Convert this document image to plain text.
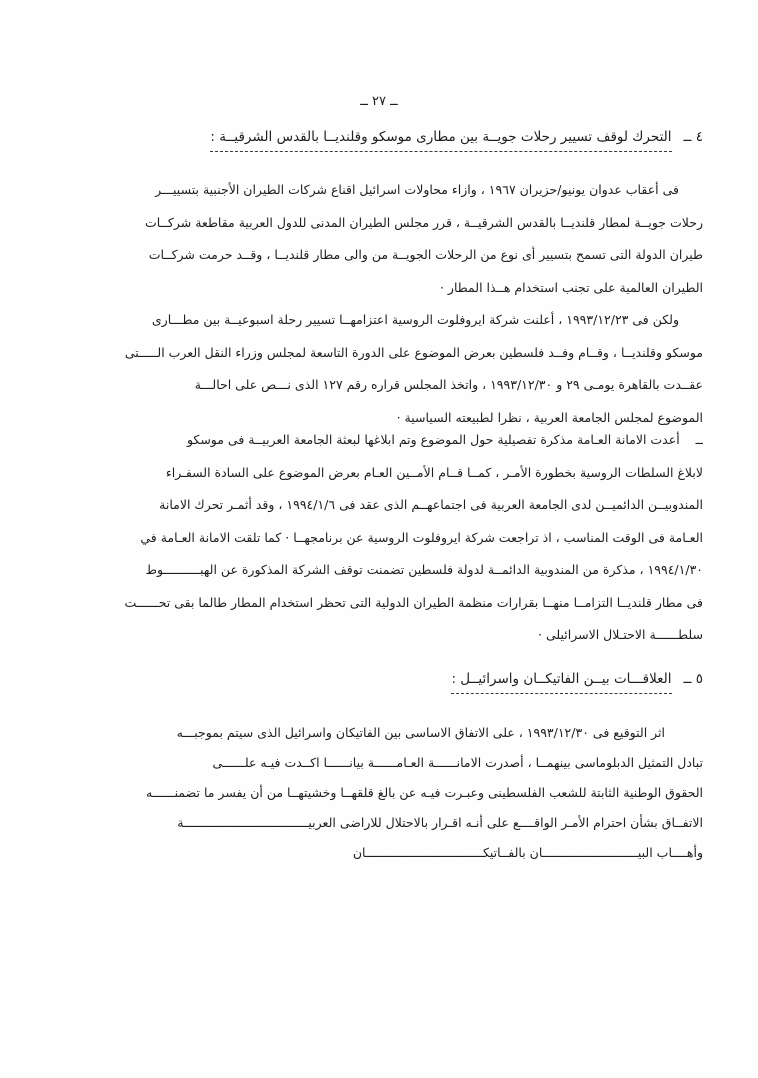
ــ ٢٧ ــ
٤ ــالتحرك لوقف تسيير رحلات جويــة بين مطارى موسكو وقلنديــا بالقدس الشرقيــة :
فى أعقاب عدوان يونيو/حزيران ١٩٦٧ ، وازاء محاولات اسرائيل اقناع شركات الطيران الأجنبية بتسييـــر
رحلات جويــة لمطار قلنديــا بالقدس الشرقيــة ، قرر مجلس الطيران المدنى للدول العربية مقاطعة شركــات
طيران الدولة التى تسمح بتسيير أى نوع من الرحلات الجويــة من والى مطار قلنديــا ، وقــد حرمت شركــات
الطيران العالمية على تجنب استخدام هــذا المطار ·
ولكن فى ١٩٩٣/١٢/٢٣ ، أعلنت شركة ايروفلوت الروسية اعتزامهــا تسيير رحلة اسبوعيــة بين مطـــارى
موسكو وقلنديــا ، وقــام وفــد فلسطين بعرض الموضوع على الدورة التاسعة لمجلس وزراء النقل العرب الـــــتى
عقــدت بالقاهرة يومـى ٢٩ و ١٩٩٣/١٢/٣٠ ، واتخذ المجلس قراره رقم ١٢٧ الذى نـــص على احالـــة
الموضوع لمجلس الجامعة العربية ، نظرا لطبيعته السياسية ·
ــأعدت الامانة العـامة مذكرة تفصيلية حول الموضوع وتم ابلاغها لبعثة الجامعة العربيــة فى موسكو
لابلاغ السلطات الروسية بخطورة الأمـر ، كمــا قــام الأمــين العـام بعرض الموضوع على السادة السفـراء
المندوبيــن الدائميــن لدى الجامعة العربية فى اجتماعهــم الذى عقد فى ١٩٩٤/١/٦ ، وقد أثمـر تحرك الامانة
العـامة فى الوقت المناسب ، اذ تراجعت شركة ايروفلوت الروسية عن برنامجهــا · كما تلقت الامانة العـامة في
١٩٩٤/١/٣٠ ، مذكرة من المندوبية الدائمــة لدولة فلسطين تضمنت توقف الشركة المذكورة عن الهبــــــــــوط
فى مطار قلنديــا التزامــا منهــا بقرارات منظمة الطيران الدولية التى تحظر استخدام المطار طالما بقى تحــــــت
سلطــــــة الاحتـلال الاسرائيلى ·
٥ ــالعلاقـــات بيــن الفاتيكــان واسرائيــل :
اثر التوقيع فى ١٩٩٣/١٢/٣٠ ، على الاتفاق الاساسى بين الفاتيكان واسرائيل الذى سيتم بموجبـــه
تبادل التمثيل الدبلوماسى بينهمــا ، أصدرت الامانــــــة العـامــــــة بيانــــــا اكــدت فيـه علــــــى
الحقوق الوطنية الثابتة للشعب الفلسطينى وعبـرت فيـه عن بالغ قلقهــا وخشيتهــا من أن يفسر ما تضمنــــــه
الاتفــاق بشأن احترام الأمـر الواقــــع على أنـه اقـرار بالاحتلال للاراضى العربيــــــــــــــــــــــــــــــــــة
وأهــــاب البيــــــــــــــــــــــــــان بالفــاتيكــــــــــــــــــــــــــــــــان
